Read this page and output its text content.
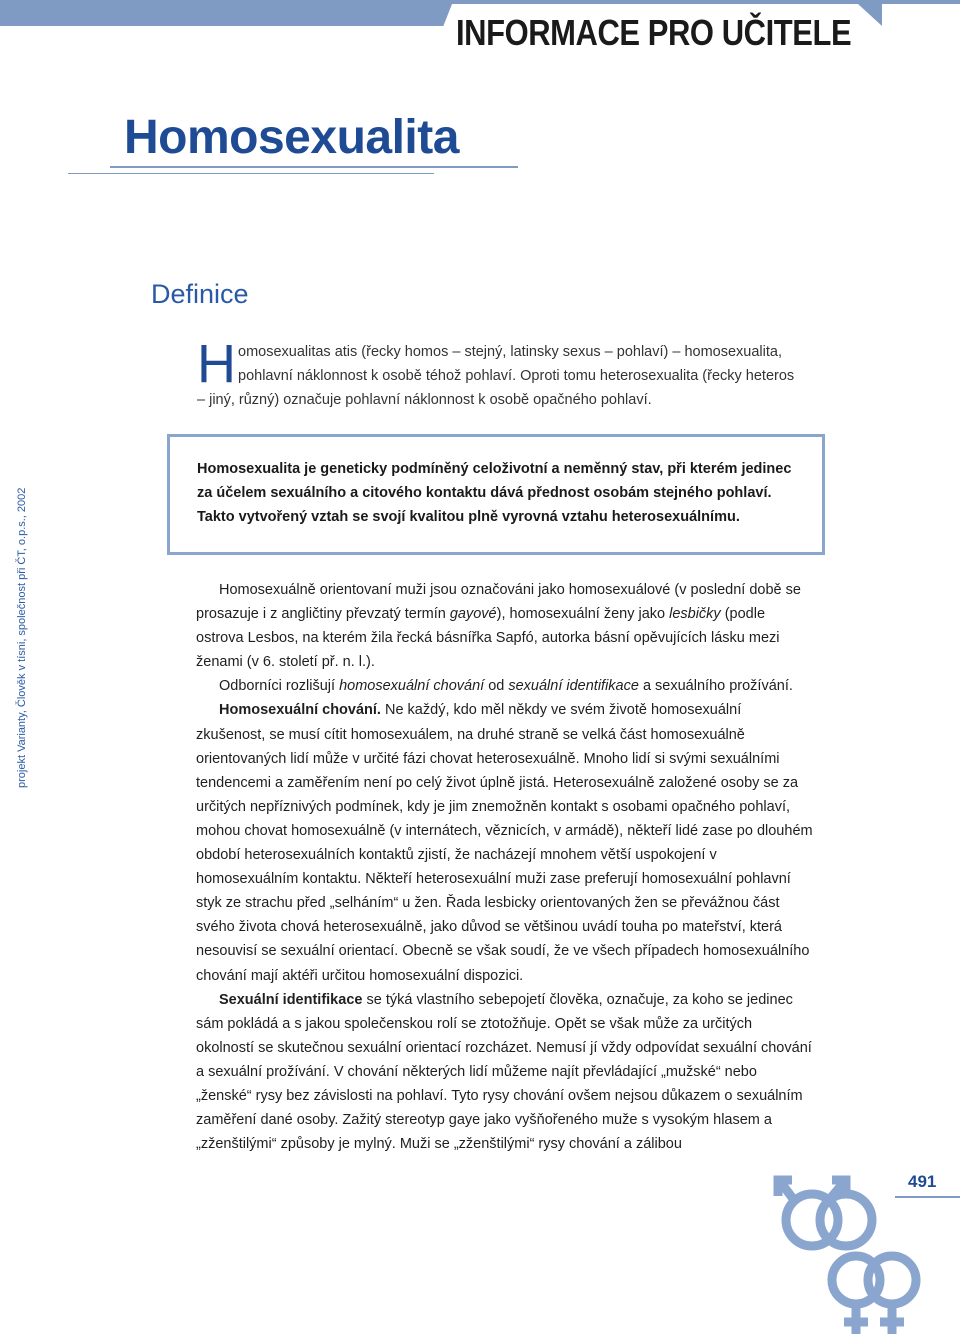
INFORMACE PRO UČITELE
Homosexualita
Definice
Homosexualitas atis (řecky homos – stejný, latinsky sexus – pohlaví) – homosexualita, pohlavní náklonnost k osobě téhož pohlaví. Oproti tomu heterosexualita (řecky heteros – jiný, různý) označuje pohlavní náklonnost k osobě opačného pohlaví.
Homosexualita je geneticky podmíněný celoživotní a neměnný stav, při kterém jedinec za účelem sexuálního a citového kontaktu dává přednost osobám stejného pohlaví. Takto vytvořený vztah se svojí kvalitou plně vyrovná vztahu heterosexuálnímu.
projekt Varianty, Člověk v tísni, společnost při ČT, o.p.s., 2002	Homosexuálně orientovaní muži jsou označováni jako homosexuálové (v poslední době se prosazuje i z angličtiny převzatý termín gayové), homosexuální ženy jako lesbičky (podle ostrova Lesbos, na kterém žila řecká básnířka Sapfó, autorka básní opěvujících lásku mezi ženami (v 6. století př. n. l.).

Odborníci rozlišují homosexuální chování od sexuální identifikace a sexuálního prožívání.

Homosexuální chování. Ne každý, kdo měl někdy ve svém životě homosexuální zkušenost, se musí cítit homosexuálem, na druhé straně se velká část homosexuálně orientovaných lidí může v určité fázi chovat heterosexuálně. Mnoho lidí si svými sexuálními tendencemi a zaměřením není po celý život úplně jistá. Heterosexuálně založené osoby se za určitých nepříznivých podmínek, kdy je jim znemožněn kontakt s osobami opačného pohlaví, mohou chovat homosexuálně (v internátech, věznicích, v armádě), někteří lidé zase po dlouhém období heterosexuálních kontaktů zjistí, že nacházejí mnohem větší uspokojení v homosexuálním kontaktu. Někteří heterosexuální muži zase preferují homosexuální pohlavní styk ze strachu před „selháním“ u žen. Řada lesbicky orientovaných žen se převážnou část svého života chová heterosexuálně, jako důvod se většinou uvádí touha po mateřství, která nesouvisí se sexuální orientací. Obecně se však soudí, že ve všech případech homosexuálního chování mají aktéři určitou homosexuální dispozici.

Sexuální identifikace se týká vlastního sebepojetí člověka, označuje, za koho se jedinec sám pokládá a s jakou společenskou rolí se ztotožňuje. Opět se však může za určitých okolností se skutečnou sexuální orientací rozcházet. Nemusí jí vždy odpovídat sexuální chování a sexuální prožívání. V chování některých lidí můžeme najít převládající „mužské“ nebo „ženské“ rysy bez závislosti na pohlaví. Tyto rysy chování ovšem nejsou důkazem o sexuálním zaměření dané osoby. Zažitý stereotyp gaye jako vyšňořeného muže s vysokým hlasem a „zženštilými“ způsoby je mylný. Muži se „zženštilými“ rysy chování a zálibou

491
